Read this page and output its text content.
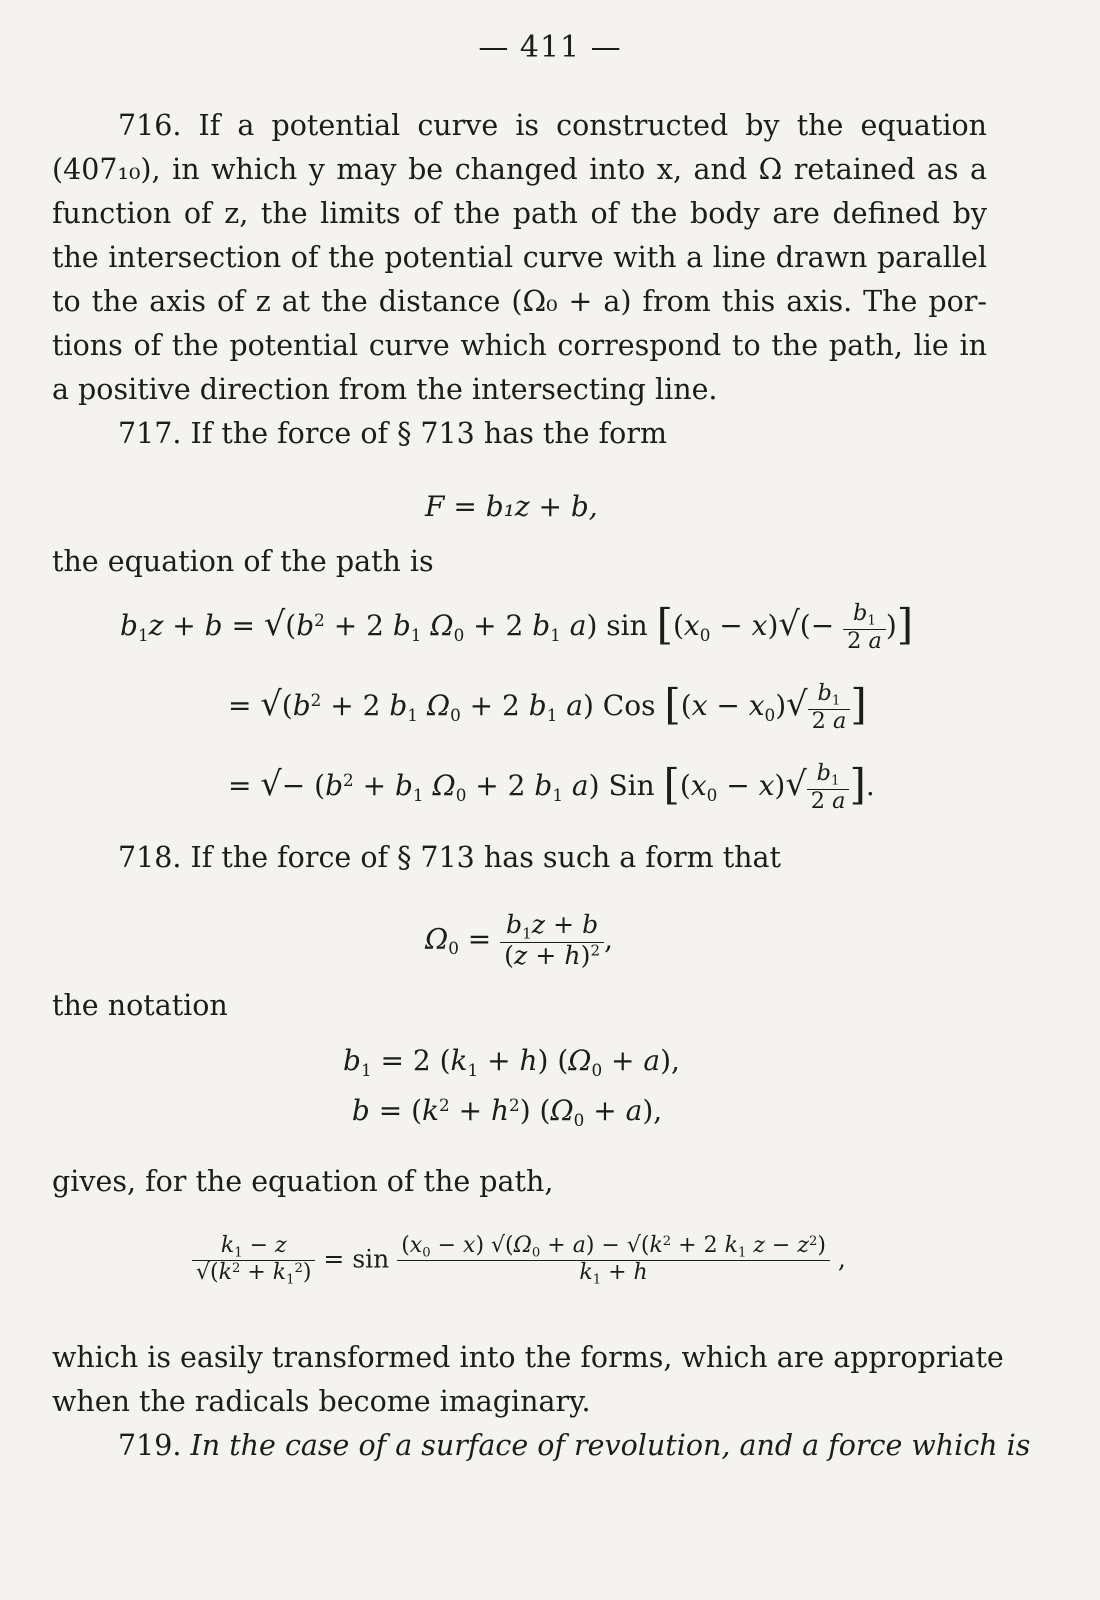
— 411 —
716. If a potential curve is constructed by the equation
(407₁₀), in which y may be changed into x, and Ω retained as a
function of z, the limits of the path of the body are defined by
the intersection of the potential curve with a line drawn parallel
to the axis of z at the distance (Ω₀ + a) from this axis. The por-
tions of the potential curve which correspond to the path, lie in
a positive direction from the intersecting line.
717. If the force of § 713 has the form
F = b₁z + b,
the equation of the path is
$b_1z + b = √(b^2 + 2$ $b_1$ $\Omega_0 + 2$ $b_1$ a) $\sin [(x_0 - x)√(- \frac{b_1}{2 a}$ )]
= $√(b^2 + 2$ $b_1$ $\Omega_0 + 2$ $b_1$ a) Cos [$(x - x_0)√ \frac{b_1}{2 a}$ ]
= √− ($b^2 + b_1$ $\Omega_0 + 2$ $b_1$ a) Sin [$(x_0 - x)√ \frac{b_1}{2 a}$ ].
718. If the force of § 713 has such a form that
$\Omega_0 = \frac{b_1z + b}{(z + h)^2}$ ,
the notation
$b_1 = 2$ $(k_1 + h) (\Omega_0 + a)$,
$b = (k^2 + h^2) (\Omega_0 + a)$,
gives, for the equation of the path,
$\frac{k_1 - z}{√(k^2 + k_1^2)} = \sin \frac{(x_0 - x) √(\Omega_0 + a) - √(k^2 + 2 k_1 z - z^2)}{k_1 + h}$ ,
which is easily transformed into the forms, which are appropriate
when the radicals become imaginary.
719. In the case of a surface of revolution, and a force which is
